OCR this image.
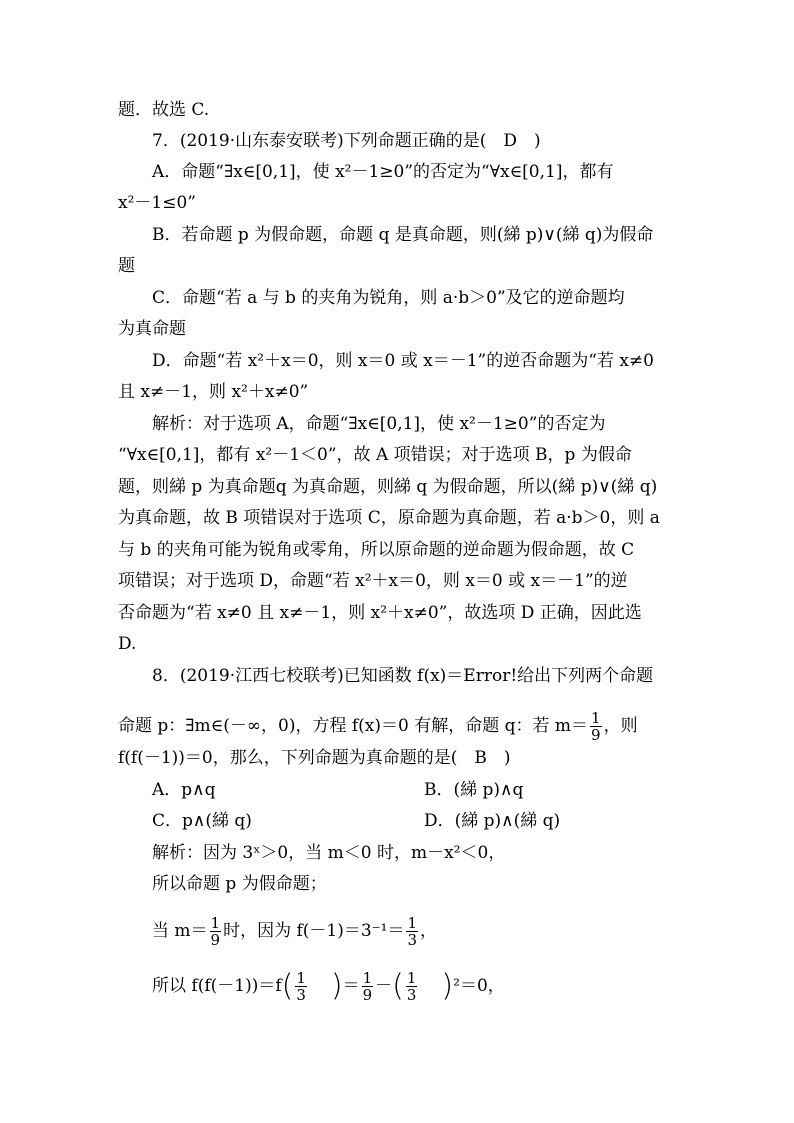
题．故选 C.
7．(2019·山东泰安联考)下列命题正确的是(　D　)
A．命题“∃x∈[0,1]，使 x²－1≥0”的否定为“∀x∈[0,1]，都有
x²－1≤0”
B．若命题 p 为假命题，命题 q 是真命题，则(綈 p)∨(綈 q)为假命
题
C．命题“若 a 与 b 的夹角为锐角，则 a·b＞0”及它的逆命题均
为真命题
D．命题“若 x²＋x＝0，则 x＝0 或 x＝－1”的逆否命题为“若 x≠0
且 x≠－1，则 x²＋x≠0”
解析：对于选项 A，命题“∃x∈[0,1]，使 x²－1≥0”的否定为
“∀x∈[0,1]，都有 x²－1＜0”，故 A 项错误；对于选项 B，p 为假命
题，则綈 p 为真命题q 为真命题，则綈 q 为假命题，所以(綈 p)∨(綈 q)
为真命题，故 B 项错误对于选项 C，原命题为真命题，若 a·b＞0，则 a
与 b 的夹角可能为锐角或零角，所以原命题的逆命题为假命题，故 C
项错误；对于选项 D，命题“若 x²＋x＝0，则 x＝0 或 x＝－1”的逆
否命题为“若 x≠0 且 x≠－1，则 x²＋x≠0”，故选项 D 正确，因此选
D.
8．(2019·江西七校联考)已知函数 f(x)＝Error!给出下列两个命题
命题 p：∃m∈(－∞，0)，方程 f(x)＝0 有解，命题 q：若 $m= \frac{1}{9}$ ，则
f(f(－1))＝0，那么，下列命题为真命题的是(　B　)
A．p∧q	B．(綈 p)∧q
C．p∧(綈 q)	D．(綈 p)∧(綈 q)
解析：因为 3ˣ＞0，当 m＜0 时，m－x²＜0，
所以命题 p 为假命题；
当 $m= \frac{1}{9}$ 时，因为 $f(-1)=3^{-1}= \frac{1}{3}$ ，
所以 $f(f(-1))=f( \frac{1}{3}$ )＝ $\frac{1}{9}$ －( $\frac{1}{3} )^2=0$，
